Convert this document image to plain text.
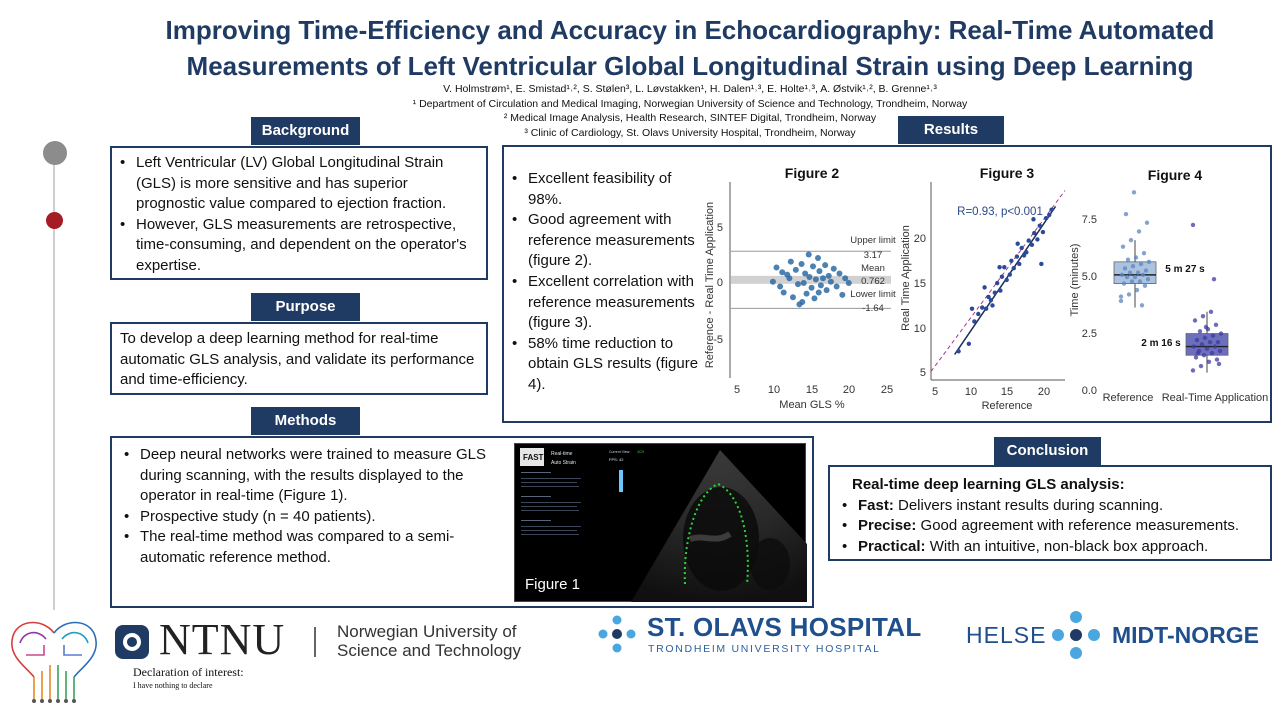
Improving Time-Efficiency and Accuracy in Echocardiography: Real-Time Automated
Measurements of Left Ventricular Global Longitudinal Strain using Deep Learning
V. Holmstrøm¹, E. Smistad¹˒², S. Stølen³, L. Løvstakken¹, H. Dalen¹˒³, E. Holte¹˒³, A. Østvik¹˒², B. Grenne¹˒³
¹ Department of Circulation and Medical Imaging, Norwegian University of Science and Technology, Trondheim, Norway
² Medical Image Analysis, Health Research, SINTEF Digital, Trondheim, Norway
³ Clinic of Cardiology, St. Olavs University Hospital, Trondheim, Norway
Background
• Left Ventricular (LV) Global Longitudinal Strain (GLS) is more sensitive and has superior prognostic value compared to ejection fraction.
• However, GLS measurements are retrospective, time-consuming, and dependent on the operator's expertise.
Purpose
To develop a deep learning method for real-time automatic GLS analysis, and validate its performance and time-efficiency.
Methods
• Deep neural networks were trained to measure GLS during scanning, with the results displayed to the operator in real-time (Figure 1).
• Prospective study (n = 40 patients).
• The real-time method was compared to a semi-automatic reference method.
FAST Real-time
Auto Strain
Current View: 4CH
FPS: 42
Figure 1
Results
• Excellent feasibility of 98%.
• Good agreement with reference measurements (figure 2).
• Excellent correlation with reference measurements (figure 3).
• 58% time reduction to obtain GLS results (figure 4).
Figure 2
5
0
-5
5	10 15 20 25
Mean GLS %
Reference - Real Time Application	Upper limit
3.17
Mean
0.762
Lower limit
-1.64
Figure 3
R=0.93, p<0.001
5
10
15
20
5 10 15 20
Reference
Real Time Application
Figure 4
7.5
5.0
2.5
0.0
Time (minutes)
Reference Real-Time Application
5 m 27 s
2 m 16 s
Conclusion
Real-time deep learning GLS analysis:
• Fast: Delivers instant results during scanning.
• Precise: Good agreement with reference measurements.
• Practical: With an intuitive, non-black box approach.
NTNU	Norwegian University of
Science and Technology
Declaration of interest:
I have nothing to declare
ST. OLAVS HOSPITAL
TRONDHEIM UNIVERSITY HOSPITAL
HELSE	MIDT-NORGE
